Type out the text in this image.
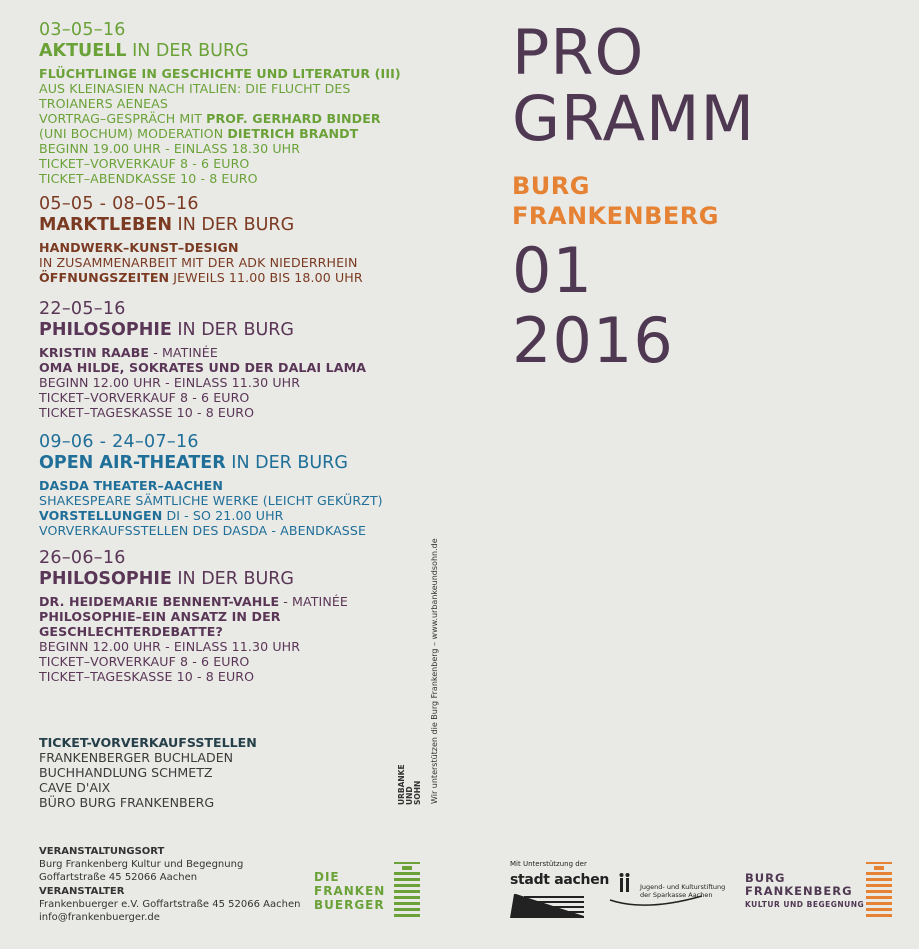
03–05–16
AKTUELL IN DER BURG
FLÜCHTLINGE IN GESCHICHTE UND LITERATUR (III)
AUS KLEINASIEN NACH ITALIEN: DIE FLUCHT DES
TROIANERS AENEAS
VORTRAG–GESPRÄCH MIT PROF. GERHARD BINDER
(UNI BOCHUM) MODERATION DIETRICH BRANDT
BEGINN 19.00 UHR - EINLASS 18.30 UHR
TICKET–VORVERKAUF 8 - 6 EURO
TICKET–ABENDKASSE 10 - 8 EURO
05–05 - 08–05–16
MARKTLEBEN IN DER BURG
HANDWERK–KUNST–DESIGN
IN ZUSAMMENARBEIT MIT DER ADK NIEDERRHEIN
ÖFFNUNGSZEITEN JEWEILS 11.00 BIS 18.00 UHR
22–05–16
PHILOSOPHIE IN DER BURG
KRISTIN RAABE - MATINÉE
OMA HILDE, SOKRATES UND DER DALAI LAMA
BEGINN 12.00 UHR - EINLASS 11.30 UHR
TICKET–VORVERKAUF 8 - 6 EURO
TICKET–TAGESKASSE 10 - 8 EURO
09–06 - 24–07–16
OPEN AIR-THEATER IN DER BURG
DASDA THEATER–AACHEN
SHAKESPEARE SÄMTLICHE WERKE (LEICHT GEKÜRZT)
VORSTELLUNGEN DI - SO 21.00 UHR
VORVERKAUFSSTELLEN DES DASDA - ABENDKASSE
26–06–16
PHILOSOPHIE IN DER BURG
DR. HEIDEMARIE BENNENT-VAHLE - MATINÉE
PHILOSOPHIE–EIN ANSATZ IN DER
GESCHLECHTERDEBATTE?
BEGINN 12.00 UHR - EINLASS 11.30 UHR
TICKET–VORVERKAUF 8 - 6 EURO
TICKET–TAGESKASSE 10 - 8 EURO
TICKET-VORVERKAUFSSTELLEN
FRANKENBERGER BUCHLADEN
BUCHHANDLUNG SCHMETZ
CAVE D'AIX
BÜRO BURG FRANKENBERG	URBANKE UND SOHN Wir unterstützen die Burg Frankenberg – www.urbankeundsohn.de
PRO
GRAMM
BURG
FRANKENBERG
01
2016
VERANSTALTUNGSORT
Burg Frankenberg Kultur und Begegnung
Goffartstraße 45 52066 Aachen
VERANSTALTER
Frankenbuerger e.V. Goffartstraße 45 52066 Aachen
info@frankenbuerger.de
DIE
FRANKEN
BUERGER
Mit Unterstützung der
stadt aachen	Jugend- und Kulturstiftung
der Sparkasse Aachen
BURG
FRANKENBERG
KULTUR UND BEGEGNUNG
